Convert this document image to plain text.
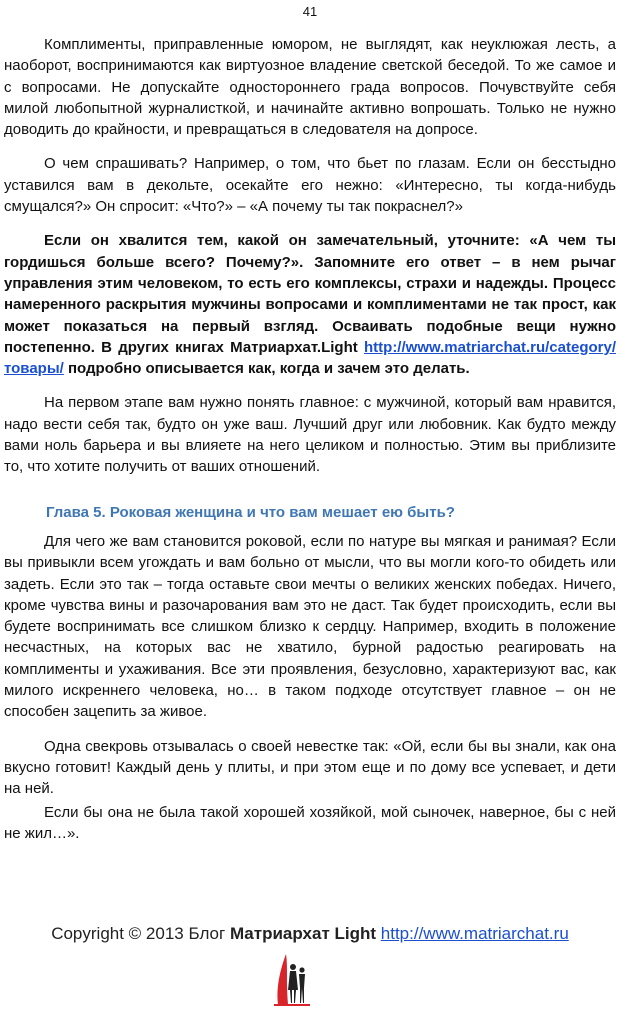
41

Комплименты, приправленные юмором, не выглядят, как неуклюжая лесть, а наоборот, воспринимаются как виртуозное владение светской беседой. То же самое и с вопросами. Не допускайте одностороннего града вопросов. Почувствуйте себя милой любопытной журналисткой, и начинайте активно вопрошать. Только не нужно доводить до крайности, и превращаться в следователя на допросе.

О чем спрашивать? Например, о том, что бьет по глазам. Если он бесстыдно уставился вам в декольте, осекайте его нежно: «Интересно, ты когда-нибудь смущался?» Он спросит: «Что?» – «А почему ты так покраснел?»

Если он хвалится тем, какой он замечательный, уточните: «А чем ты гордишься больше всего? Почему?». Запомните его ответ – в нем рычаг управления этим человеком, то есть его комплексы, страхи и надежды. Процесс намеренного раскрытия мужчины вопросами и комплиментами не так прост, как может показаться на первый взгляд. Осваивать подобные вещи нужно постепенно. В других книгах Матриархат.Light http://www.matriarchat.ru/category/товары/ подробно описывается как, когда и зачем это делать.

На первом этапе вам нужно понять главное: с мужчиной, который вам нравится, надо вести себя так, будто он уже ваш. Лучший друг или любовник. Как будто между вами ноль барьера и вы влияете на него целиком и полностью. Этим вы приблизите то, что хотите получить от ваших отношений.

Глава 5. Роковая женщина и что вам мешает ею быть?

Для чего же вам становится роковой, если по натуре вы мягкая и ранимая? Если вы привыкли всем угождать и вам больно от мысли, что вы могли кого-то обидеть или задеть. Если это так – тогда оставьте свои мечты о великих женских победах. Ничего, кроме чувства вины и разочарования вам это не даст. Так будет происходить, если вы будете воспринимать все слишком близко к сердцу. Например, входить в положение несчастных, на которых вас не хватило, бурной радостью реагировать на комплименты и ухаживания. Все эти проявления, безусловно, характеризуют вас, как милого искреннего человека, но… в таком подходе отсутствует главное – он не способен зацепить за живое.

Одна свекровь отзывалась о своей невестке так: «Ой, если бы вы знали, как она вкусно готовит! Каждый день у плиты, и при этом еще и по дому все успевает, и дети на ней.

Если бы она не была такой хорошей хозяйкой, мой сыночек, наверное, бы с ней не жил…».

Copyright © 2013 Блог Матриархат Light http://www.matriarchat.ru
